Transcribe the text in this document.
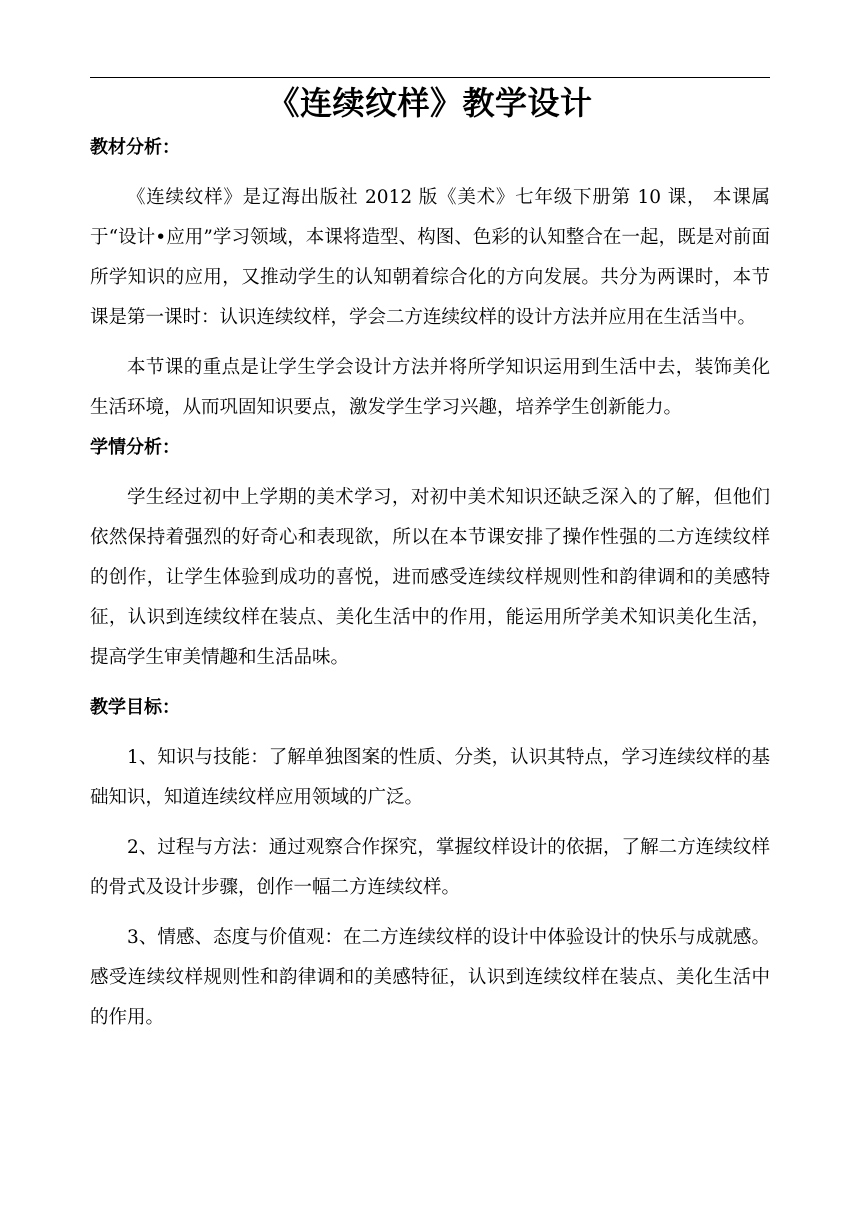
《连续纹样》教学设计

教材分析：

《连续纹样》是辽海出版社 2012 版《美术》七年级下册第 10 课， 本课属于“设计•应用”学习领域，本课将造型、构图、色彩的认知整合在一起，既是对前面所学知识的应用，又推动学生的认知朝着综合化的方向发展。共分为两课时，本节课是第一课时：认识连续纹样，学会二方连续纹样的设计方法并应用在生活当中。

本节课的重点是让学生学会设计方法并将所学知识运用到生活中去，装饰美化生活环境，从而巩固知识要点，激发学生学习兴趣，培养学生创新能力。

学情分析：

学生经过初中上学期的美术学习，对初中美术知识还缺乏深入的了解，但他们依然保持着强烈的好奇心和表现欲，所以在本节课安排了操作性强的二方连续纹样的创作，让学生体验到成功的喜悦，进而感受连续纹样规则性和韵律调和的美感特征，认识到连续纹样在装点、美化生活中的作用，能运用所学美术知识美化生活，提高学生审美情趣和生活品味。

教学目标：

1、知识与技能：了解单独图案的性质、分类，认识其特点，学习连续纹样的基础知识，知道连续纹样应用领域的广泛。

2、过程与方法：通过观察合作探究，掌握纹样设计的依据，了解二方连续纹样的骨式及设计步骤，创作一幅二方连续纹样。

3、情感、态度与价值观：在二方连续纹样的设计中体验设计的快乐与成就感。感受连续纹样规则性和韵律调和的美感特征，认识到连续纹样在装点、美化生活中的作用。
